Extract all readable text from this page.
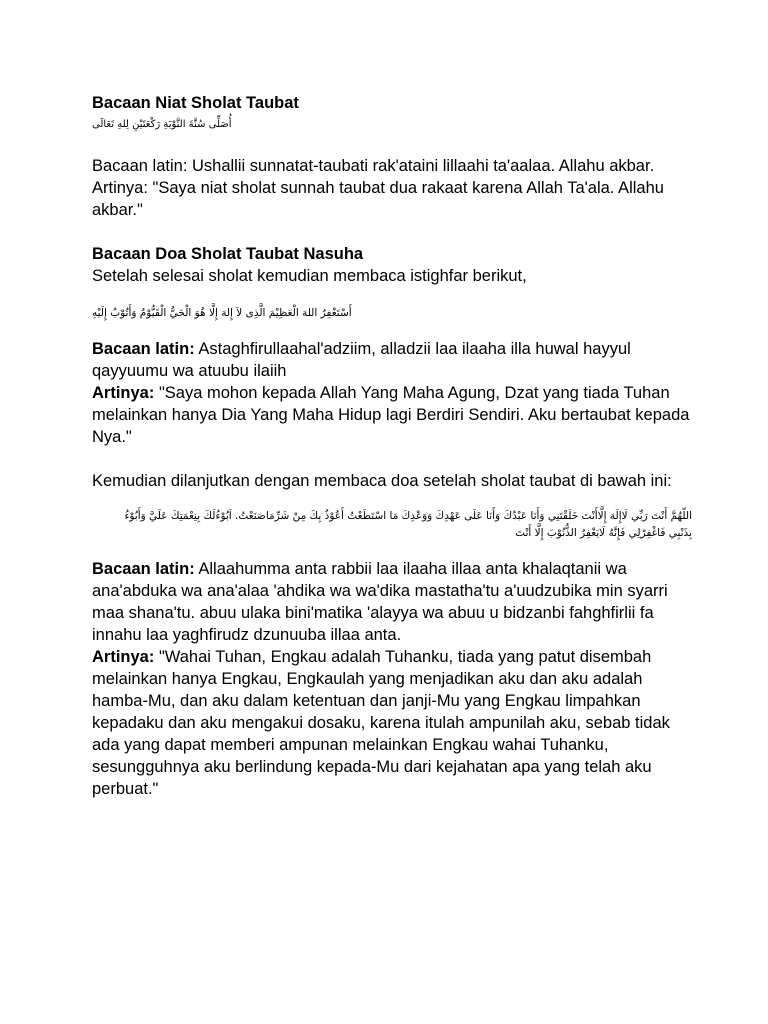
Bacaan Niat Sholat Taubat

أُصَلِّى سُنَّةَ التَّوْبَةِ رَكْعَتَيْنِ لِلهِ تَعَالَى

Bacaan latin: Ushallii sunnatat-taubati rak'ataini lillaahi ta'aalaa. Allahu akbar.

Artinya: "Saya niat sholat sunnah taubat dua rakaat karena Allah Ta'ala. Allahu akbar."

Bacaan Doa Sholat Taubat Nasuha

Setelah selesai sholat kemudian membaca istighfar berikut,

أَسْتَغْفِرُ اللهَ الْعَظِيْمَ الَّذِى لاَ إِلهَ إِلَّا هُوَ الْحَيُّ الْقَيُّوْمُ وَأَتُوْبُ إِلَيْهِ

Bacaan latin: Astaghfirullaahal'adziim, alladzii laa ilaaha illa huwal hayyul qayyuumu wa atuubu ilaiih

Artinya: "Saya mohon kepada Allah Yang Maha Agung, Dzat yang tiada Tuhan melainkan hanya Dia Yang Maha Hidup lagi Berdiri Sendiri. Aku bertaubat kepada Nya."

Kemudian dilanjutkan dengan membaca doa setelah sholat taubat di bawah ini:

اللّهُمَّ أَنْتَ رَبِّي لَاإِلَهَ إِلَّاأَنْتَ خَلَقْتَنِي وَأَنَا عَبْدُكَ وَأَنَا عَلَى عَهْدِكَ وَوَعْدِكَ مَا اسْتَطَعْتُ أَعُوْذُ بِكَ مِنْ شَرِّمَاصَنَعْتُ. اَبُوْءُلَكَ بِنِعْمَتِكَ عَلَيَّ وَأَبُوْءُ

بِذَنْبِي فَاغْفِرْلِي فَإِنَّهُ لَايَغْفِرُ الذُّنُوْبَ إِلَّا أَنْتَ

Bacaan latin: Allaahumma anta rabbii laa ilaaha illaa anta khalaqtanii wa ana'abduka wa ana'alaa 'ahdika wa wa'dika mastatha'tu a'uudzubika min syarri maa shana'tu. abuu ulaka bini'matika 'alayya wa abuu u bidzanbi fahghfirlii fa innahu laa yaghfirudz dzunuuba illaa anta.

Artinya: "Wahai Tuhan, Engkau adalah Tuhanku, tiada yang patut disembah melainkan hanya Engkau, Engkaulah yang menjadikan aku dan aku adalah hamba-Mu, dan aku dalam ketentuan dan janji-Mu yang Engkau limpahkan kepadaku dan aku mengakui dosaku, karena itulah ampunilah aku, sebab tidak ada yang dapat memberi ampunan melainkan Engkau wahai Tuhanku, sesungguhnya aku berlindung kepada-Mu dari kejahatan apa yang telah aku perbuat."
